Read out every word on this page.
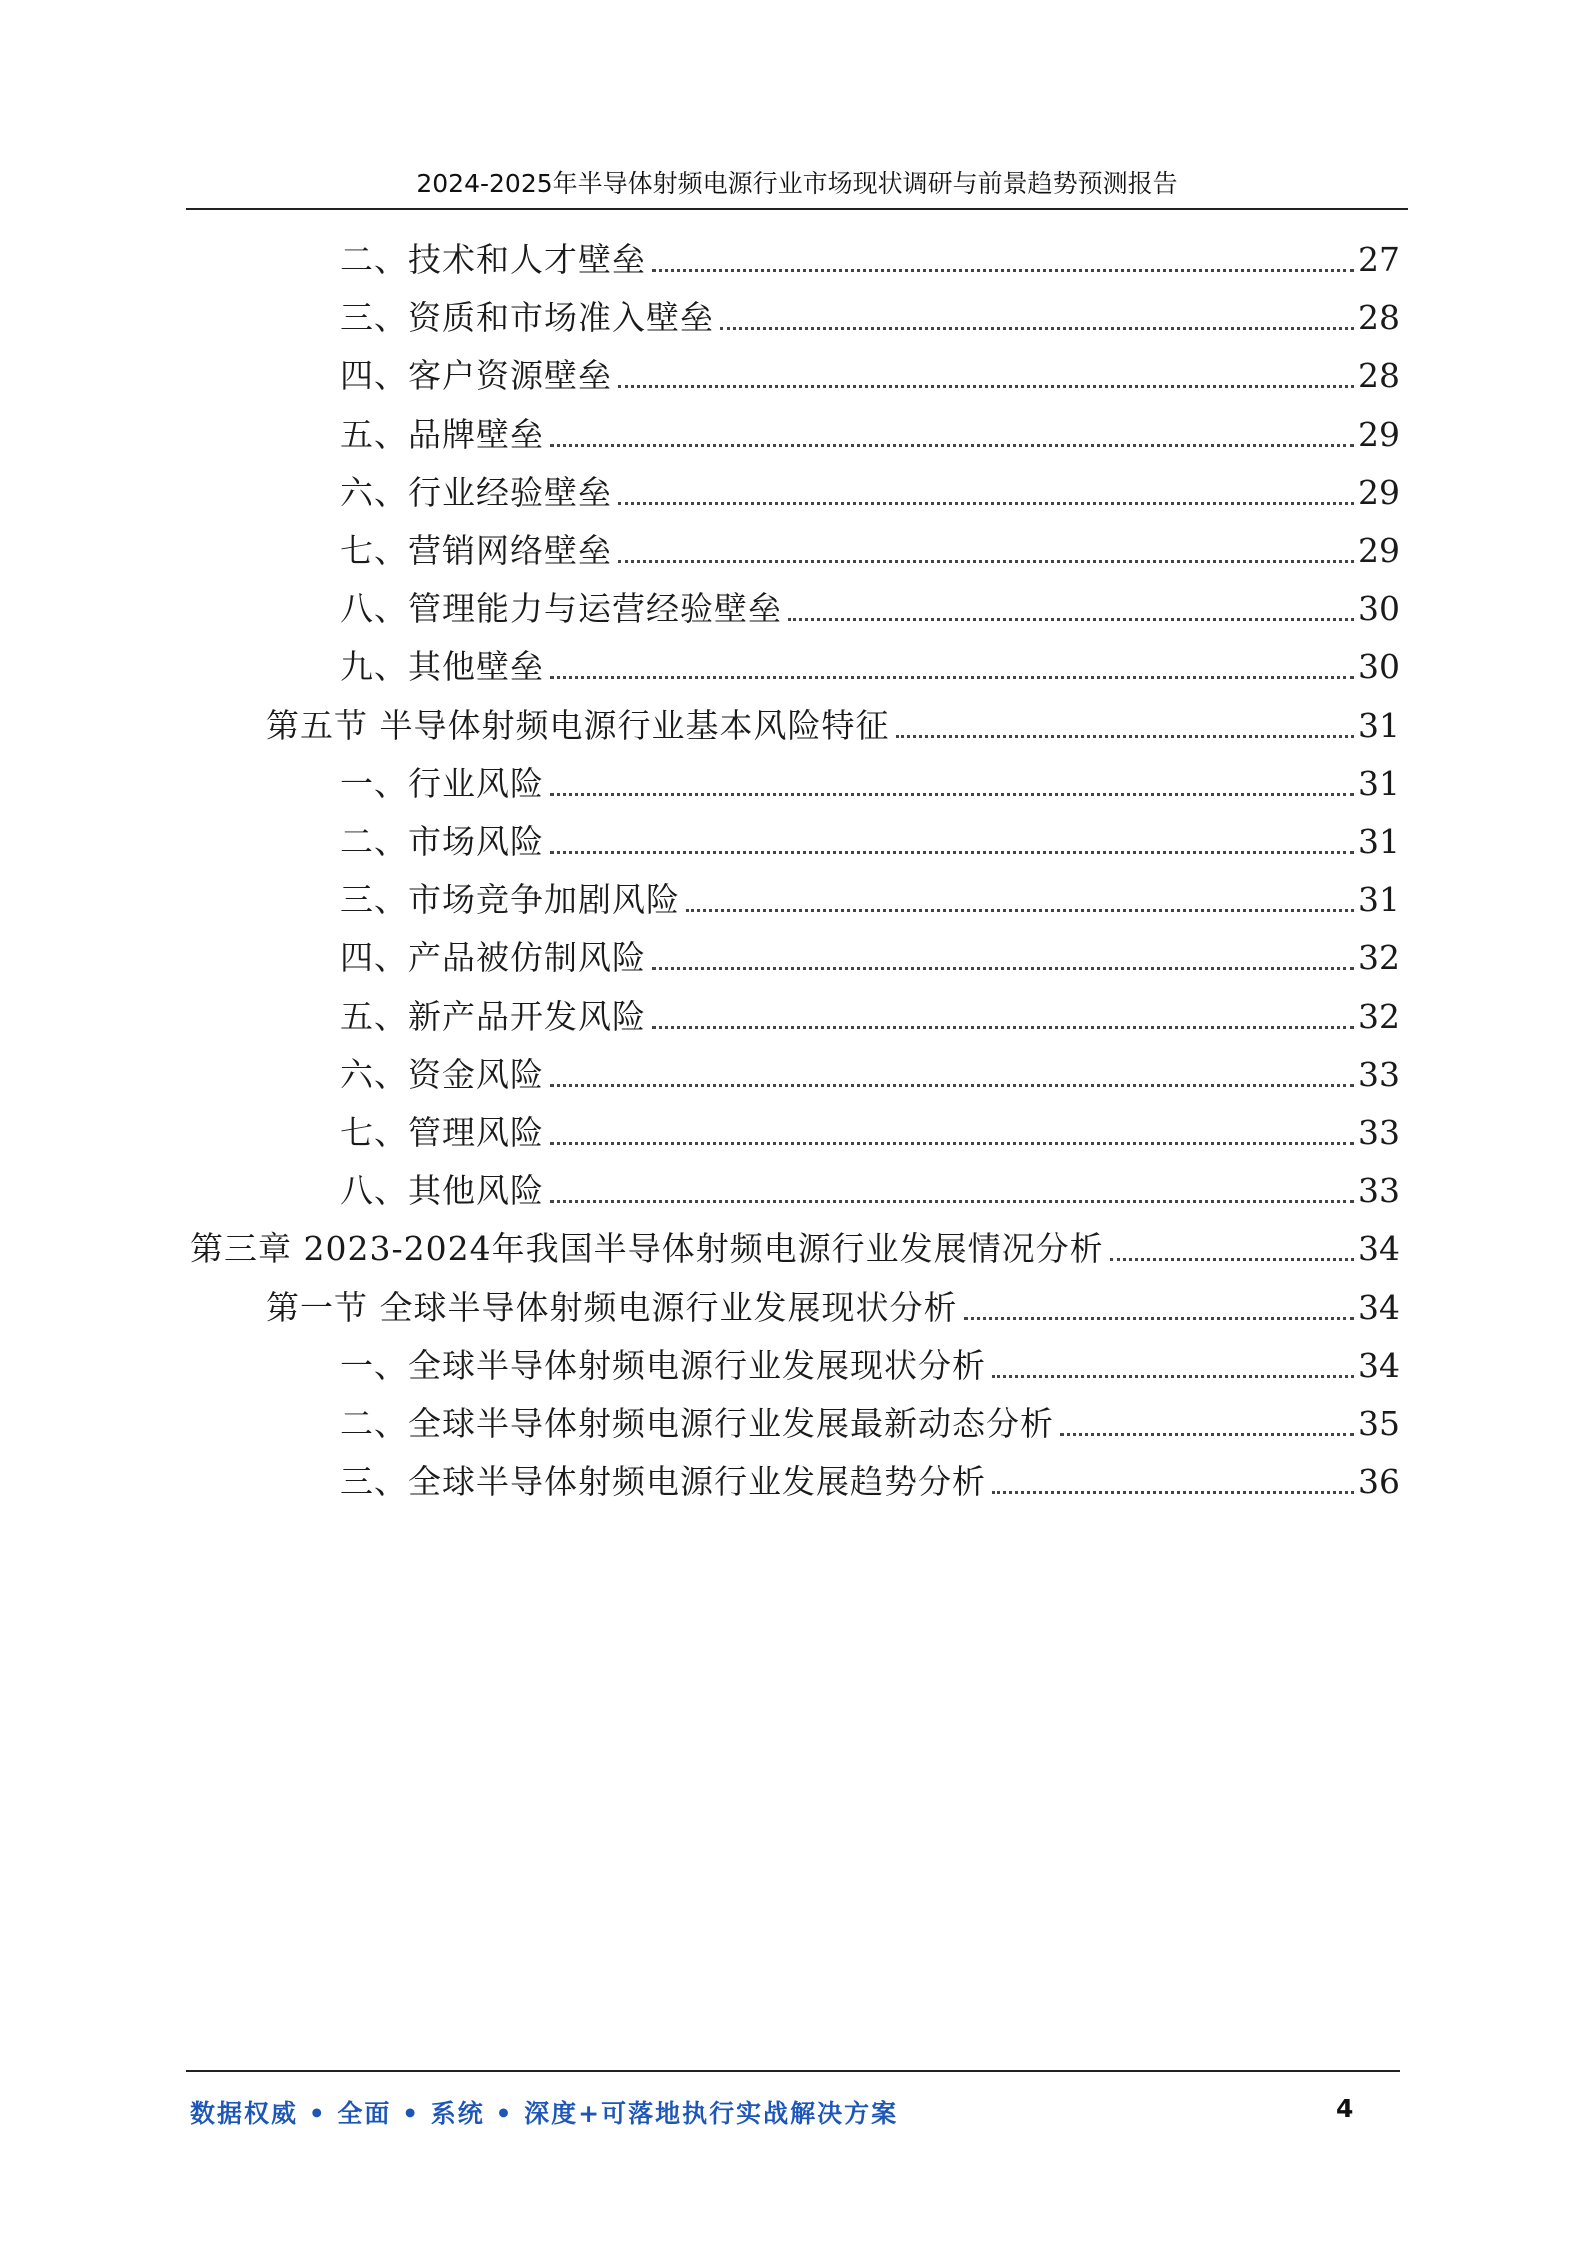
2024-2025年半导体射频电源行业市场现状调研与前景趋势预测报告
二、技术和人才壁垒	27
三、资质和市场准入壁垒	28
四、客户资源壁垒	28
五、品牌壁垒	29
六、行业经验壁垒	29
七、营销网络壁垒	29
八、管理能力与运营经验壁垒	30
九、其他壁垒	30
第五节 半导体射频电源行业基本风险特征	31
一、行业风险	31
二、市场风险	31
三、市场竞争加剧风险	31
四、产品被仿制风险	32
五、新产品开发风险	32
六、资金风险	33
七、管理风险	33
八、其他风险	33
第三章 2023-2024年我国半导体射频电源行业发展情况分析	34
第一节 全球半导体射频电源行业发展现状分析	34
一、全球半导体射频电源行业发展现状分析	34
二、全球半导体射频电源行业发展最新动态分析	35
三、全球半导体射频电源行业发展趋势分析	36
数据权威 • 全面 • 系统 • 深度+可落地执行实战解决方案	4
